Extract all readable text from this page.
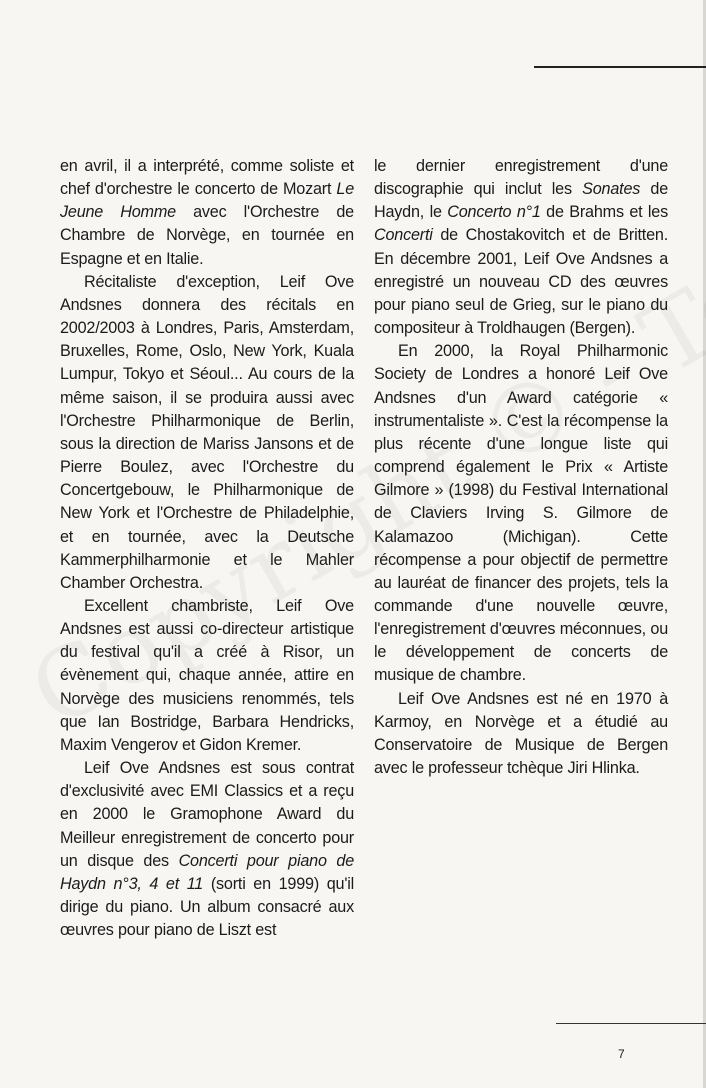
en avril, il a interprété, comme soliste et chef d'orchestre le concerto de Mozart Le Jeune Homme avec l'Orchestre de Chambre de Norvège, en tournée en Espagne et en Italie.

Récitaliste d'exception, Leif Ove Andsnes donnera des récitals en 2002/2003 à Londres, Paris, Amsterdam, Bruxelles, Rome, Oslo, New York, Kuala Lumpur, Tokyo et Séoul... Au cours de la même saison, il se produira aussi avec l'Orchestre Philharmonique de Berlin, sous la direction de Mariss Jansons et de Pierre Boulez, avec l'Orchestre du Concertgebouw, le Philharmonique de New York et l'Orchestre de Philadelphie, et en tournée, avec la Deutsche Kammerphilharmonie et le Mahler Chamber Orchestra.

Excellent chambriste, Leif Ove Andsnes est aussi co-directeur artistique du festival qu'il a créé à Risor, un évènement qui, chaque année, attire en Norvège des musiciens renommés, tels que Ian Bostridge, Barbara Hendricks, Maxim Vengerov et Gidon Kremer.

Leif Ove Andsnes est sous contrat d'exclusivité avec EMI Classics et a reçu en 2000 le Gramophone Award du Meilleur enregistrement de concerto pour un disque des Concerti pour piano de Haydn n°3, 4 et 11 (sorti en 1999) qu'il dirige du piano. Un album consacré aux œuvres pour piano de Liszt est

le dernier enregistrement d'une discographie qui inclut les Sonates de Haydn, le Concerto n°1 de Brahms et les Concerti de Chostakovitch et de Britten. En décembre 2001, Leif Ove Andsnes a enregistré un nouveau CD des œuvres pour piano seul de Grieg, sur le piano du compositeur à Troldhaugen (Bergen).

En 2000, la Royal Philharmonic Society de Londres a honoré Leif Ove Andsnes d'un Award catégorie « instrumentaliste ». C'est la récompense la plus récente d'une longue liste qui comprend également le Prix « Artiste Gilmore » (1998) du Festival International de Claviers Irving S. Gilmore de Kalamazoo (Michigan). Cette récompense a pour objectif de permettre au lauréat de financer des projets, tels la commande d'une nouvelle œuvre, l'enregistrement d'œuvres méconnues, ou le développement de concerts de musique de chambre.

Leif Ove Andsnes est né en 1970 à Karmoy, en Norvège et a étudié au Conservatoire de Musique de Bergen avec le professeur tchèque Jiri Hlinka.

7
